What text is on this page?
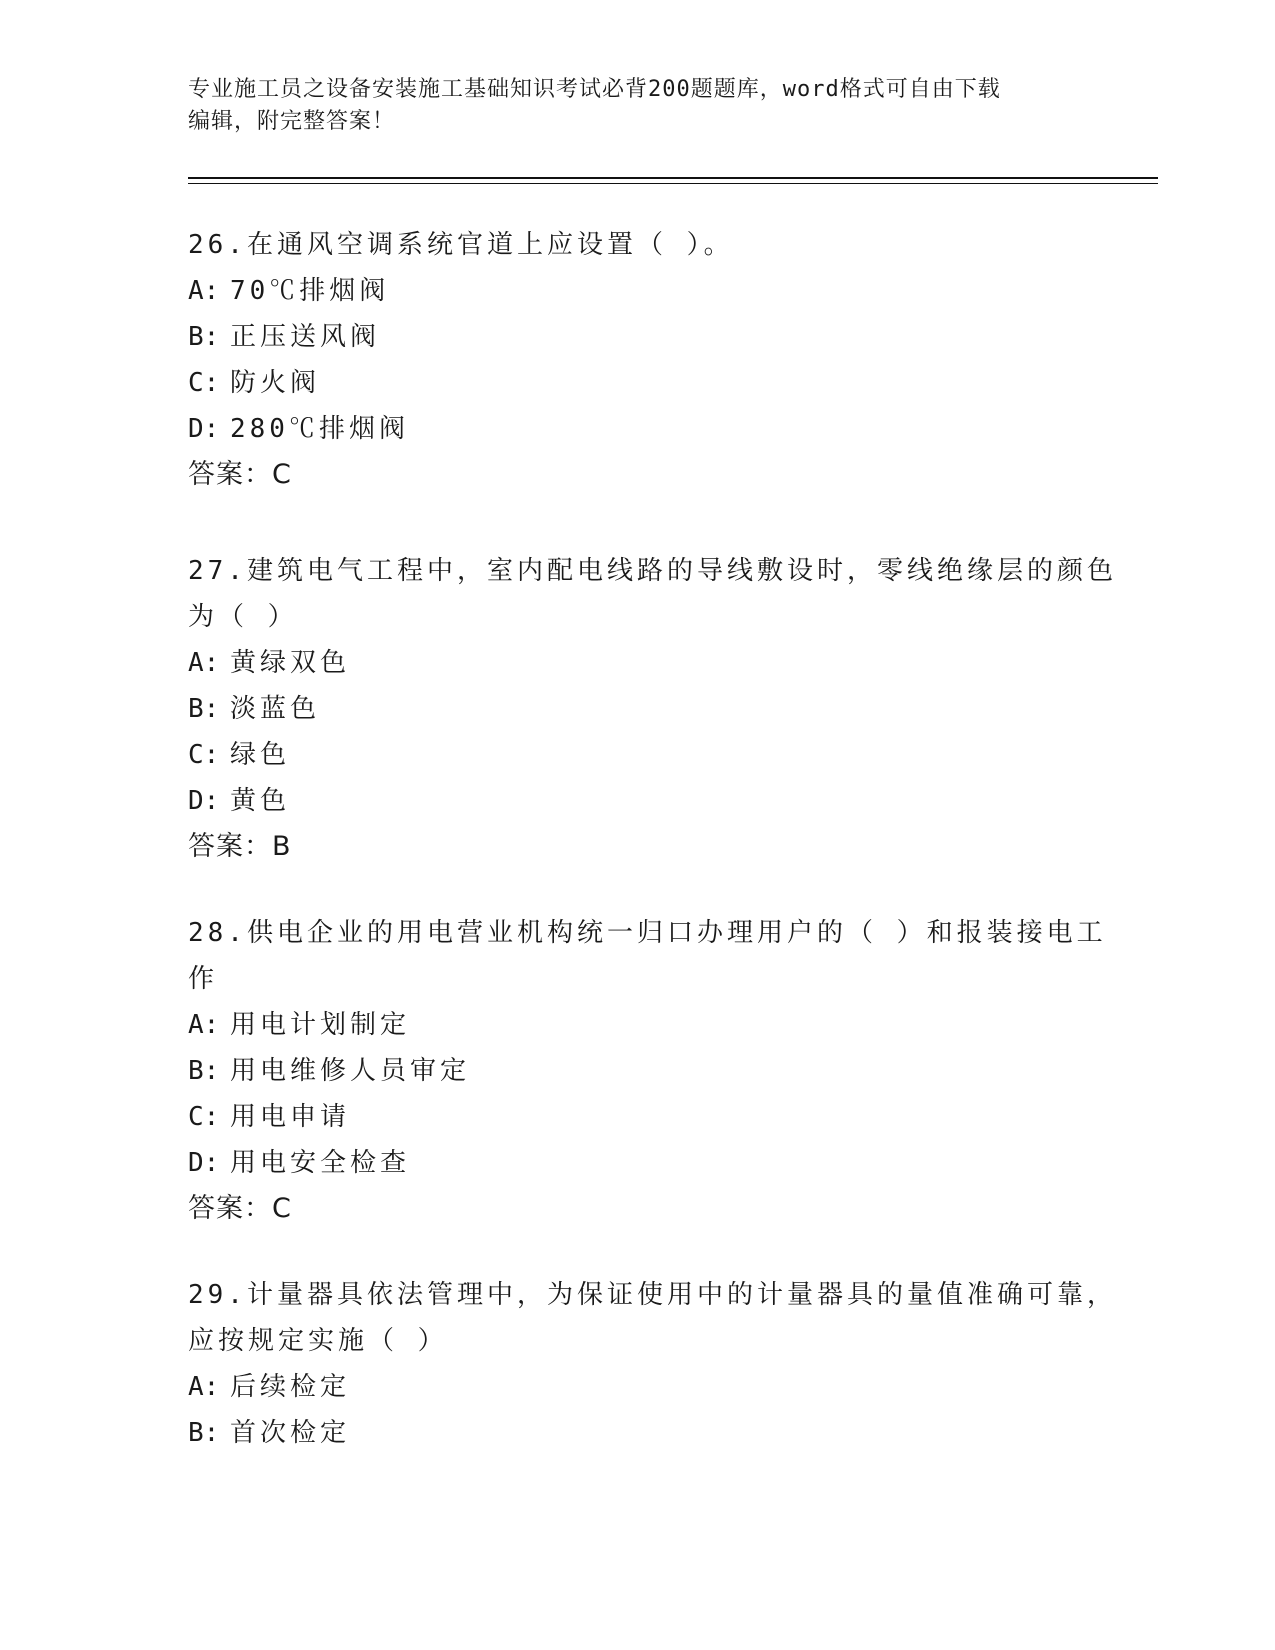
专业施工员之设备安装施工基础知识考试必背200题题库，word格式可自由下载
编辑，附完整答案！
26.在通风空调系统官道上应设置（ ）。
A: 70℃排烟阀
B: 正压送风阀
C: 防火阀
D: 280℃排烟阀
答案：C
27.建筑电气工程中，室内配电线路的导线敷设时，零线绝缘层的颜色
为（ ）
A: 黄绿双色
B: 淡蓝色
C: 绿色
D: 黄色
答案：B
28.供电企业的用电营业机构统一归口办理用户的（ ）和报装接电工
作
A: 用电计划制定
B: 用电维修人员审定
C: 用电申请
D: 用电安全检查
答案：C
29.计量器具依法管理中，为保证使用中的计量器具的量值准确可靠，
应按规定实施（ ）
A: 后续检定
B: 首次检定
